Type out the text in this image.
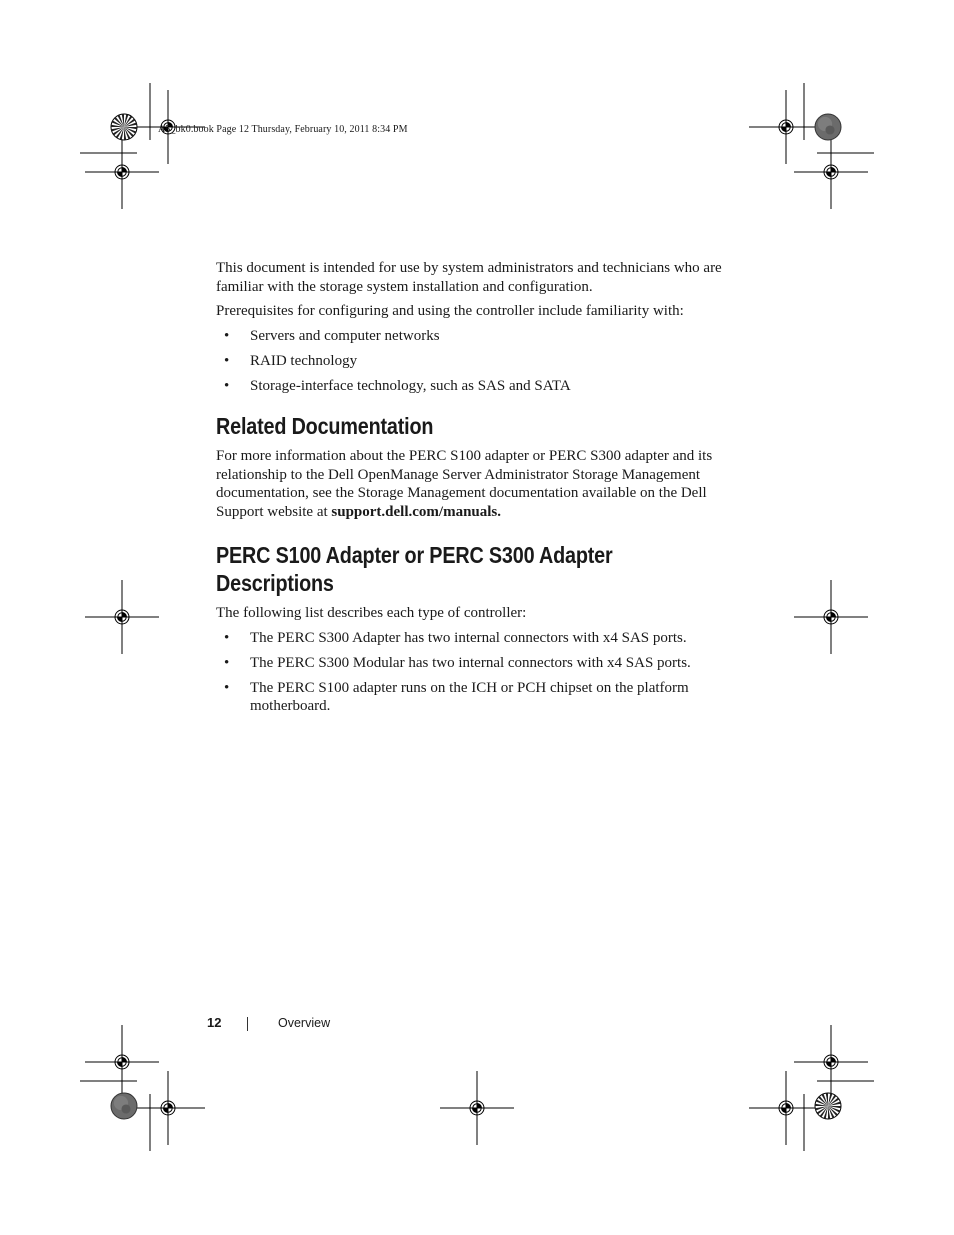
A5_bk0.book Page 12 Thursday, February 10, 2011 8:34 PM

This document is intended for use by system administrators and technicians who are familiar with the storage system installation and configuration.

Prerequisites for configuring and using the controller include familiarity with:

• Servers and computer networks
• RAID technology
• Storage-interface technology, such as SAS and SATA
Related Documentation

For more information about the PERC S100 adapter or PERC S300 adapter and its relationship to the Dell OpenManage Server Administrator Storage Management documentation, see the Storage Management documentation available on the Dell Support website at support.dell.com/manuals.

PERC S100 Adapter or PERC S300 Adapter
Descriptions

The following list describes each type of controller:

• The PERC S300 Adapter has two internal connectors with x4 SAS ports.
• The PERC S300 Modular has two internal connectors with x4 SAS ports.
• The PERC S100 adapter runs on the ICH or PCH chipset on the platform motherboard.
12	Overview
